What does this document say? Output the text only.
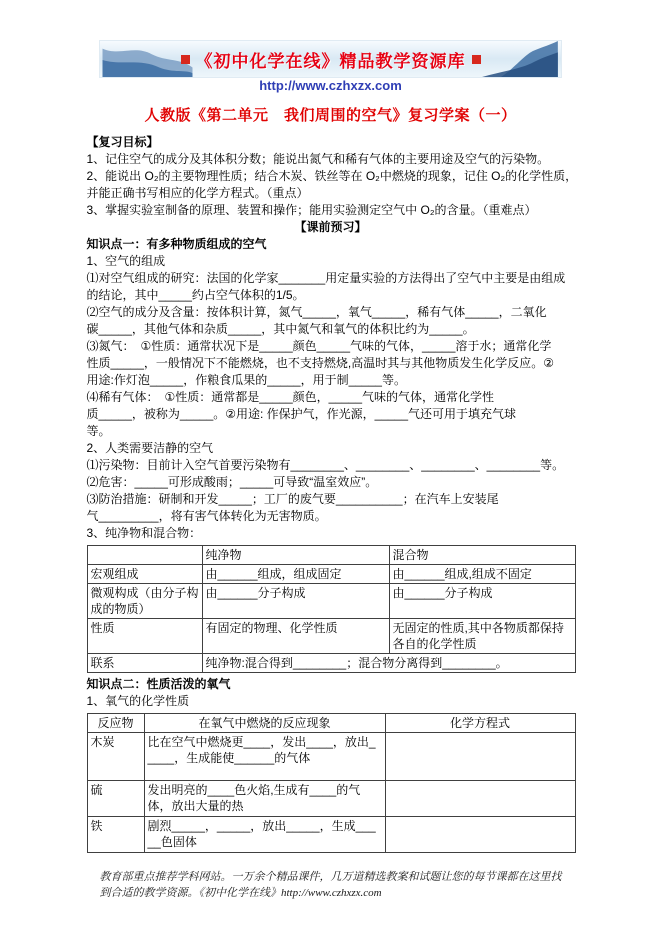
《初中化学在线》精品教学资源库
http://www.czhxzx.com
人教版《第二单元　我们周围的空气》复习学案（一）
【复习目标】
1、记住空气的成分及其体积分数；能说出氮气和稀有气体的主要用途及空气的污染物。
2、能说出 O₂的主要物理性质；结合木炭、铁丝等在 O₂中燃烧的现象，记住 O₂的化学性质，
并能正确书写相应的化学方程式。（重点）
3、掌握实验室制备的原理、装置和操作；能用实验测定空气中 O₂的含量。（重难点）
【课前预习】
知识点一：有多种物质组成的空气
1、空气的组成
⑴对空气组成的研究：法国的化学家_______用定量实验的方法得出了空气中主要是由组成
的结论，其中_____约占空气体积的1/5。
⑵空气的成分及含量：按体积计算，氮气_____，氧气_____，稀有气体_____，二氧化
碳_____，其他气体和杂质_____，其中氮气和氧气的体积比约为_____。
⑶氮气：　①性质：通常状况下是_____颜色_____气味的气体，_____溶于水；通常化学
性质_____，一般情况下不能燃烧，也不支持燃烧,高温时其与其他物质发生化学反应。②
用途:作灯泡_____，作粮食瓜果的_____，用于制_____等。
⑷稀有气体：　①性质：通常都是_____颜色，_____气味的气体，通常化学性
质_____，被称为_____。②用途: 作保护气，作光源，_____气还可用于填充气球
等。
2、人类需要洁静的空气
⑴污染物：目前计入空气首要污染物有________、________、________、________等。
⑵危害：_____可形成酸雨；_____可导致“温室效应”。
⑶防治措施：研制和开发_____；工厂的废气要__________；在汽车上安装尾
气_________，将有害气体转化为无害物质。
3、纯净物和混合物：
	纯净物	混合物
宏观组成	由______组成，组成固定	由______组成,组成不固定
微观构成（由分子构成的物质）	由______分子构成	由______分子构成
性质	有固定的物理、化学性质	无固定的性质,其中各物质都保持各自的化学性质
联系	纯净物:混合得到________；混合物分离得到________。	
知识点二：性质活泼的氧气
1、氧气的化学性质
反应物	在氧气中燃烧的反应现象	化学方程式
木炭	比在空气中燃烧更____，发出____，放出_____，生成能使______的气体	
硫	发出明亮的____色火焰,生成有____的气体，放出大量的热	
铁	剧烈_____，_____，放出_____，生成_____色固体	
教育部重点推荐学科网站。一万余个精品课件，几万道精选教案和试题让您的每节课都在这里找到合适的教学资源。《初中化学在线》http://www.czhxzx.com
